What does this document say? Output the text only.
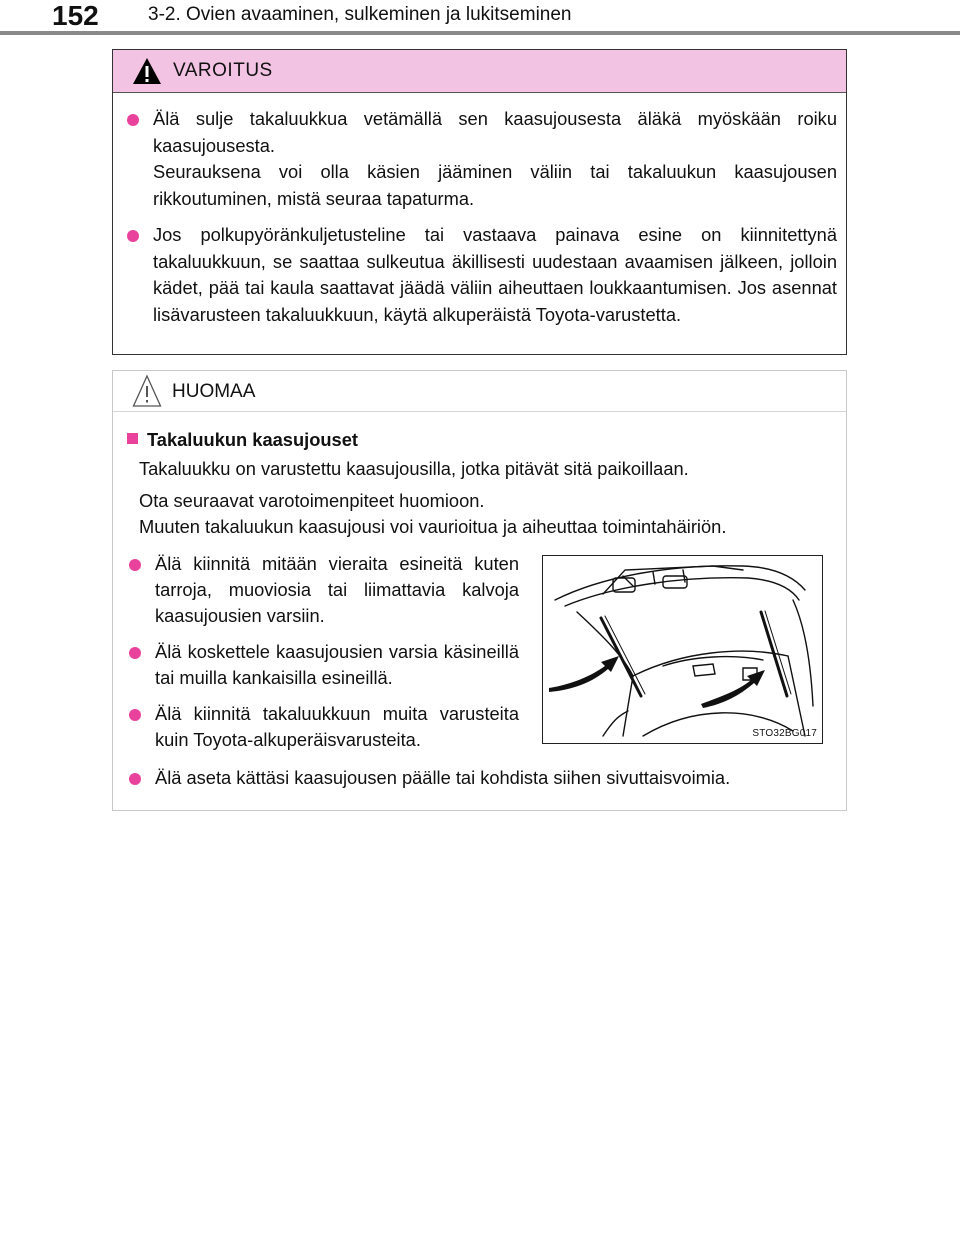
152	3-2. Ovien avaaminen, sulkeminen ja lukitseminen
VAROITUS
Älä sulje takaluukkua vetämällä sen kaasujousesta äläkä myöskään roiku kaasujousesta.
Seurauksena voi olla käsien jääminen väliin tai takaluukun kaasujousen rikkoutuminen, mistä seuraa tapaturma.
Jos polkupyöränkuljetusteline tai vastaava painava esine on kiinnitettynä takaluukkuun, se saattaa sulkeutua äkillisesti uudestaan avaamisen jälkeen, jolloin kädet, pää tai kaula saattavat jäädä väliin aiheuttaen loukkaantumisen. Jos asennat lisävarusteen takaluukkuun, käytä alkuperäistä Toyota-varustetta.
HUOMAA
Takaluukun kaasujouset
Takaluukku on varustettu kaasujousilla, jotka pitävät sitä paikoillaan.
Ota seuraavat varotoimenpiteet huomioon.
Muuten takaluukun kaasujousi voi vaurioitua ja aiheuttaa toimintahäiriön.
Älä kiinnitä mitään vieraita esineitä kuten tarroja, muoviosia tai liimattavia kalvoja kaasujousien varsiin.
Älä koskettele kaasujousien varsia käsineillä tai muilla kankaisilla esineillä.
Älä kiinnitä takaluukkuun muita varusteita kuin Toyota-alkuperäisvarusteita.	STO32BG017
Älä aseta kättäsi kaasujousen päälle tai kohdista siihen sivuttaisvoimia.
